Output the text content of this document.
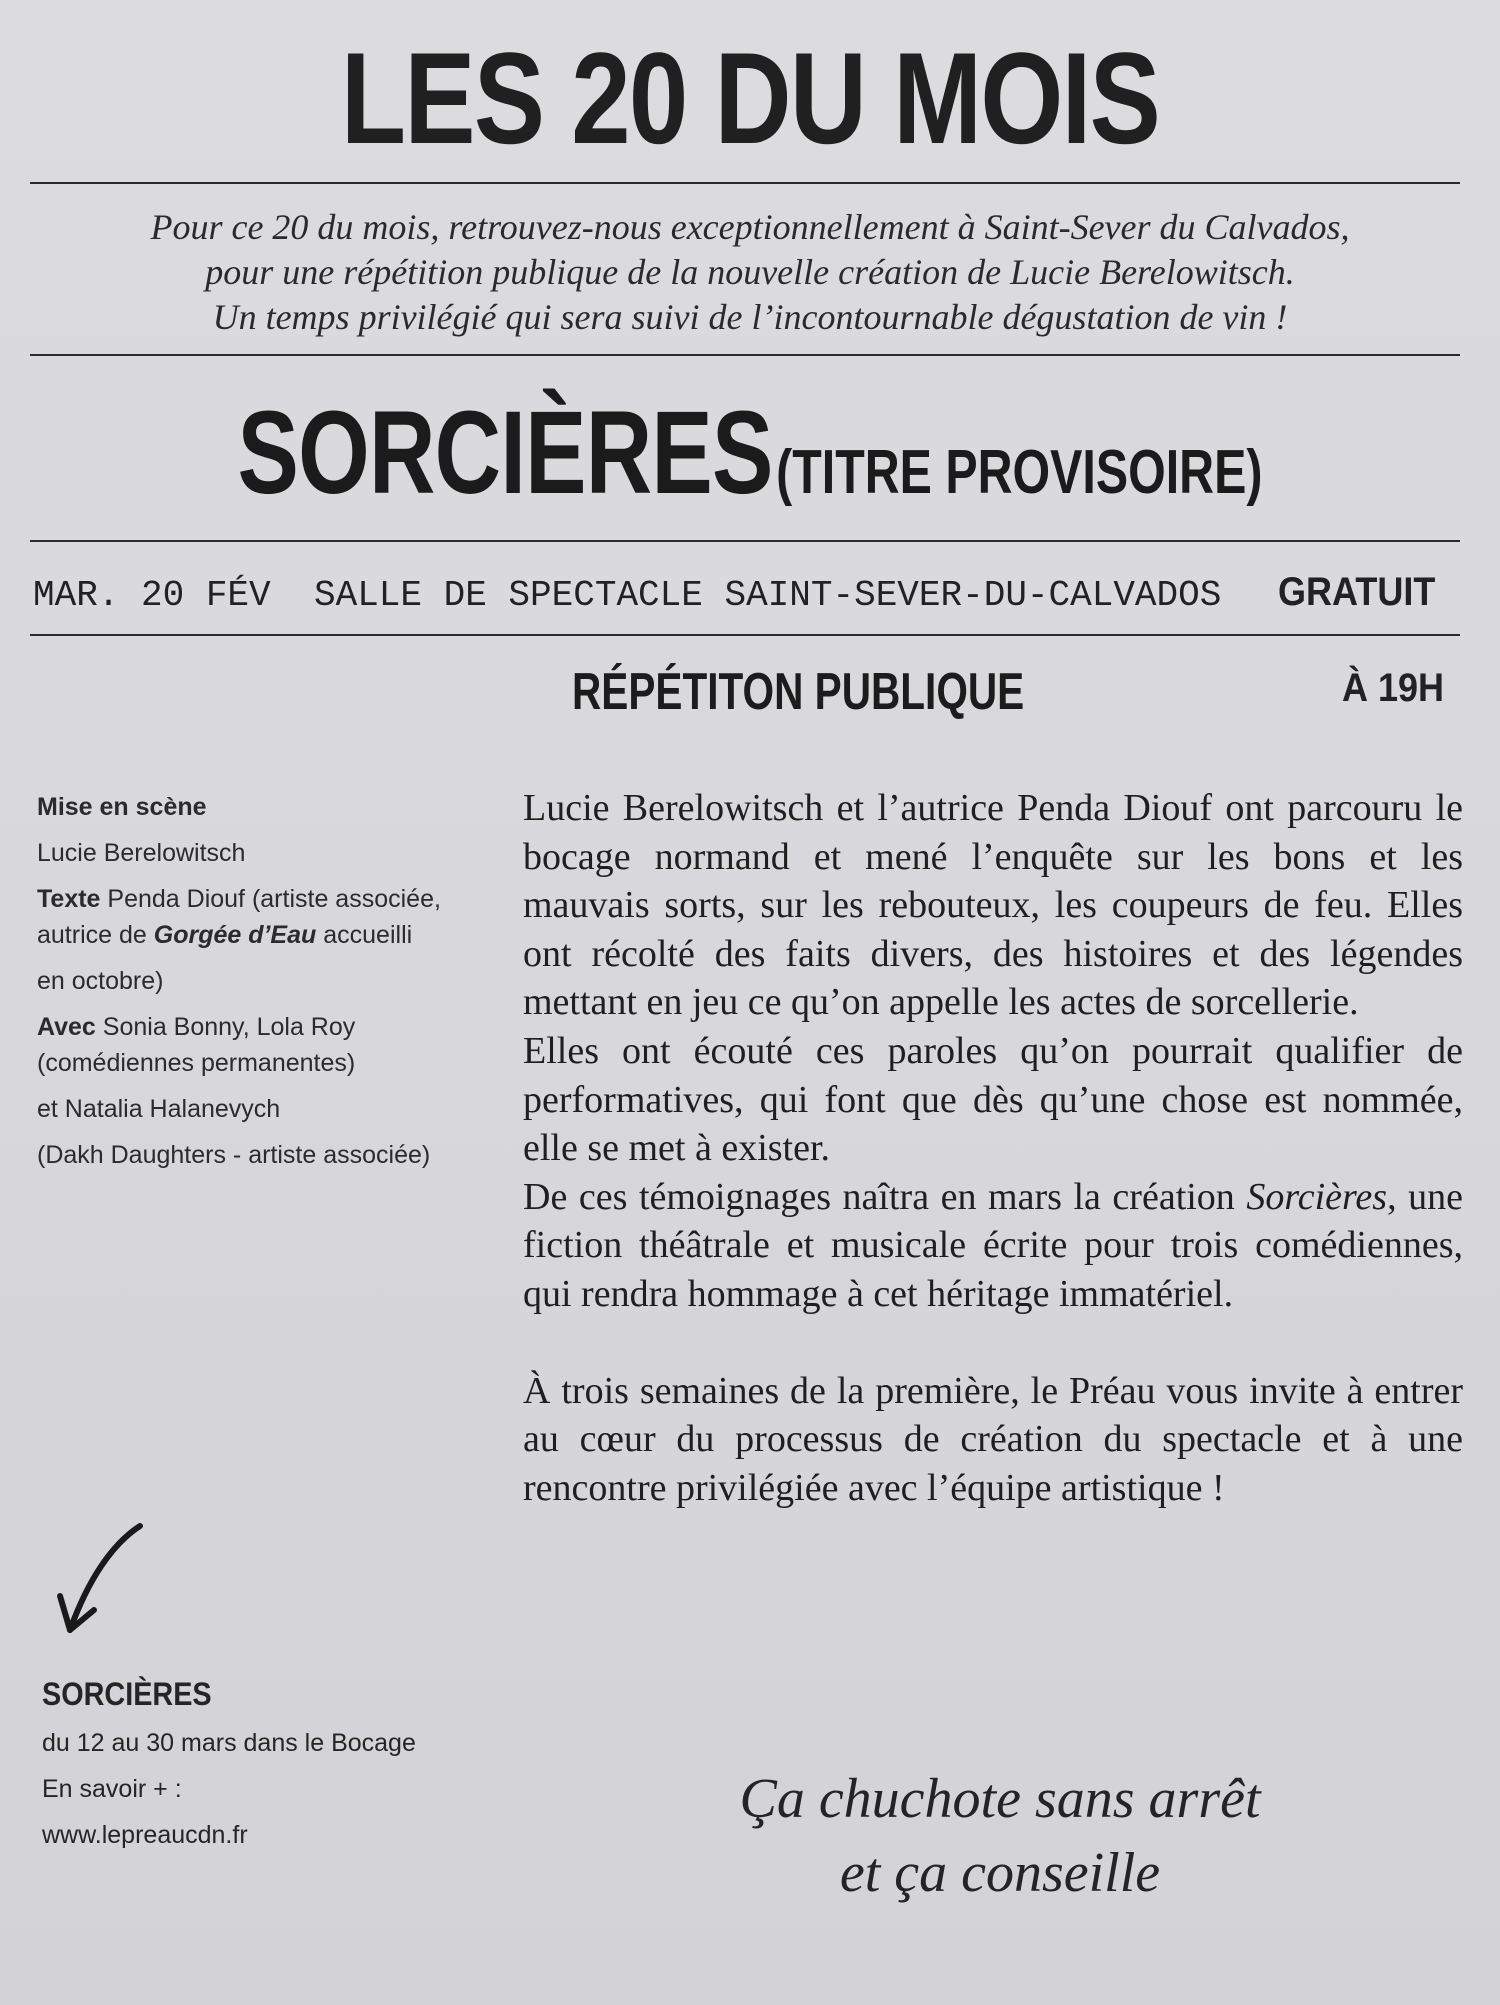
LES 20 DU MOIS
Pour ce 20 du mois, retrouvez-nous exceptionnellement à Saint-Sever du Calvados,
pour une répétition publique de la nouvelle création de Lucie Berelowitsch.
Un temps privilégié qui sera suivi de l’incontournable dégustation de vin !
SORCIÈRES (TITRE PROVISOIRE)
MAR. 20 FÉV SALLE DE SPECTACLE SAINT-SEVER-DU-CALVADOS GRATUIT
RÉPÉTITON PUBLIQUE	À 19H
Mise en scène
Lucie Berelowitsch
Texte Penda Diouf (artiste associée,
autrice de Gorgée d’Eau accueilli
en octobre)
Avec Sonia Bonny, Lola Roy
(comédiennes permanentes)
et Natalia Halanevych
(Dakh Daughters - artiste associée)

Lucie Berelowitsch et l’autrice Penda Diouf ont parcouru le bocage normand et mené l’enquête sur les bons et les mauvais sorts, sur les rebouteux, les coupeurs de feu. Elles ont récolté des faits divers, des histoires et des légendes mettant en jeu ce qu’on appelle les actes de sorcellerie.

Elles ont écouté ces paroles qu’on pourrait qualifier de performatives, qui font que dès qu’une chose est nommée, elle se met à exister.

De ces témoignages naîtra en mars la création Sorcières, une fiction théâtrale et musicale écrite pour trois comédiennes, qui rendra hommage à cet héritage immatériel.

À trois semaines de la première, le Préau vous invite à entrer au cœur du processus de création du spectacle et à une rencontre privilégiée avec l’équipe artistique !

SORCIÈRES
du 12 au 30 mars dans le Bocage
En savoir + :
www.lepreaucdn.fr
Ça chuchote sans arrêt
et ça conseille
